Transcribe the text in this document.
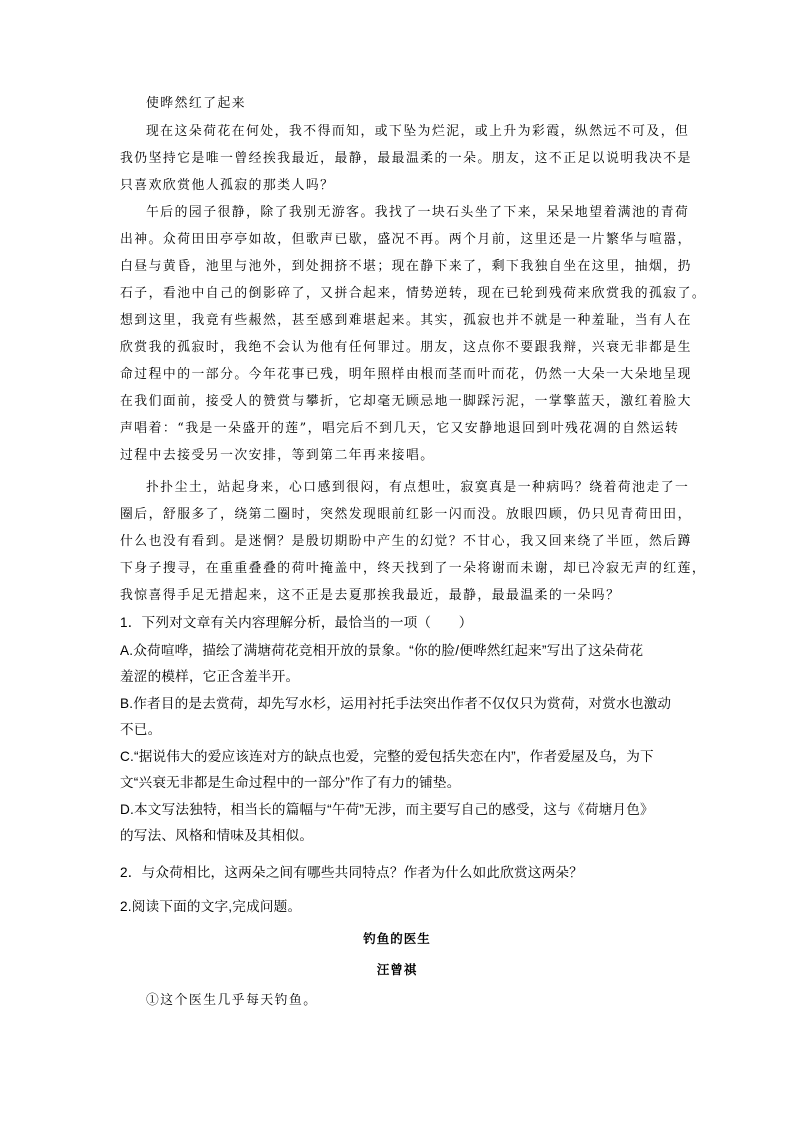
使晔然红了起来
现在这朵荷花在何处，我不得而知，或下坠为烂泥，或上升为彩霞，纵然远不可及，但
我仍坚持它是唯一曾经挨我最近，最静，最最温柔的一朵。朋友，这不正足以说明我决不是
只喜欢欣赏他人孤寂的那类人吗？
午后的园子很静，除了我别无游客。我找了一块石头坐了下来，呆呆地望着满池的青荷
出神。众荷田田亭亭如故，但歌声已歇，盛况不再。两个月前，这里还是一片繁华与喧嚣，
白昼与黄昏，池里与池外，到处拥挤不堪；现在静下来了，剩下我独自坐在这里，抽烟，扔
石子，看池中自己的倒影碎了，又拼合起来，情势逆转，现在已轮到残荷来欣赏我的孤寂了。
想到这里，我竟有些赧然，甚至感到难堪起来。其实，孤寂也并不就是一种羞耻，当有人在
欣赏我的孤寂时，我绝不会认为他有任何罪过。朋友，这点你不要跟我辩，兴衰无非都是生
命过程中的一部分。今年花事已残，明年照样由根而茎而叶而花，仍然一大朵一大朵地呈现
在我们面前，接受人的赞赏与攀折，它却毫无顾忌地一脚踩污泥，一掌擎蓝天，激红着脸大
声唱着：“我是一朵盛开的莲”，唱完后不到几天，它又安静地退回到叶残花凋的自然运转
过程中去接受另一次安排，等到第二年再来接唱。
扑扑尘土，站起身来，心口感到很闷，有点想吐，寂寞真是一种病吗？绕着荷池走了一
圈后，舒服多了，绕第二圈时，突然发现眼前红影一闪而没。放眼四顾，仍只见青荷田田，
什么也没有看到。是迷惘？是殷切期盼中产生的幻觉？不甘心，我又回来绕了半匝，然后蹲
下身子搜寻，在重重叠叠的荷叶掩盖中，终天找到了一朵将谢而未谢，却已冷寂无声的红莲，
我惊喜得手足无措起来，这不正是去夏那挨我最近，最静，最最温柔的一朵吗？
1．下列对文章有关内容理解分析，最恰当的一项（　　）
A.众荷喧哗，描绘了满塘荷花竞相开放的景象。“你的脸/便哗然红起来”写出了这朵荷花
羞涩的模样，它正含羞半开。
B.作者目的是去赏荷，却先写水杉，运用衬托手法突出作者不仅仅只为赏荷，对赏水也激动
不已。
C.“据说伟大的爱应该连对方的缺点也爱，完整的爱包括失恋在内”，作者爱屋及乌，为下
文“兴衰无非都是生命过程中的一部分”作了有力的铺垫。
D.本文写法独特，相当长的篇幅与“午荷”无涉，而主要写自己的感受，这与《荷塘月色》
的写法、风格和情味及其相似。
2．与众荷相比，这两朵之间有哪些共同特点？作者为什么如此欣赏这两朵？
2.阅读下面的文字,完成问题。
钓鱼的医生
汪曾祺
①这个医生几乎每天钓鱼。
